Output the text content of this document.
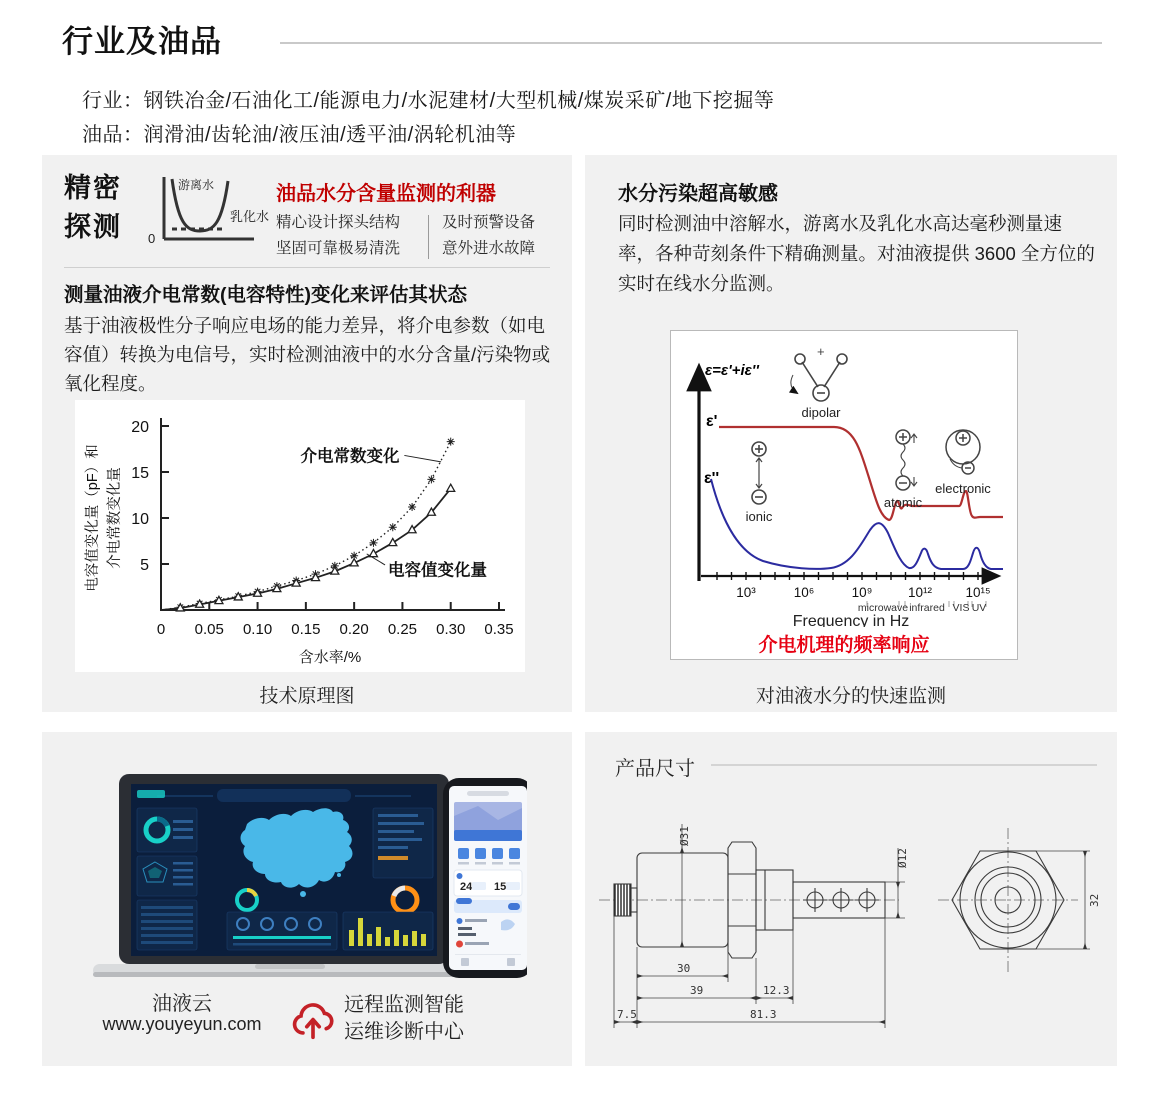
行业及油品
行业：钢铁冶金/石油化工/能源电力/水泥建材/大型机械/煤炭采矿/地下挖掘等
油品：润滑油/齿轮油/液压油/透平油/涡轮机油等
精密
探测
游离水
乳化水
0
油品水分含量监测的利器
精心设计探头结构
坚固可靠极易清洗
及时预警设备
意外进水故障
测量油液介电常数(电容特性)变化来评估其状态
基于油液极性分子响应电场的能力差异，将介电参数（如电容值）转换为电信号，实时检测油液中的水分含量/污染物或氧化程度。
0 0.05 0.10 0.15 0.20 0.25 0.30 0.35
5
10
15
20
含水率/%
电容值变化量（pF）和 介电常数变化量
介电常数变化
电容值变化量
技术原理图
水分污染超高敏感
同时检测油中溶解水，游离水及乳化水高达毫秒测量速率，各种苛刻条件下精确测量。对油液提供 3600 全方位的实时在线水分监测。
ε=ε'+iε''
ε'
ε''
+
dipolar
ionic
atomic
electronic
10³	10⁶	10⁹	10¹² 10¹⁵
microwave infrared VIS UV
Frequency in Hz
介电机理的频率响应
对油液水分的快速监测
24 15
油液云
www.youyeyun.com
远程监测智能
运维诊断中心
产品尺寸
Ø31
Ø12
30
39	12.3
7.5	81.3
32
